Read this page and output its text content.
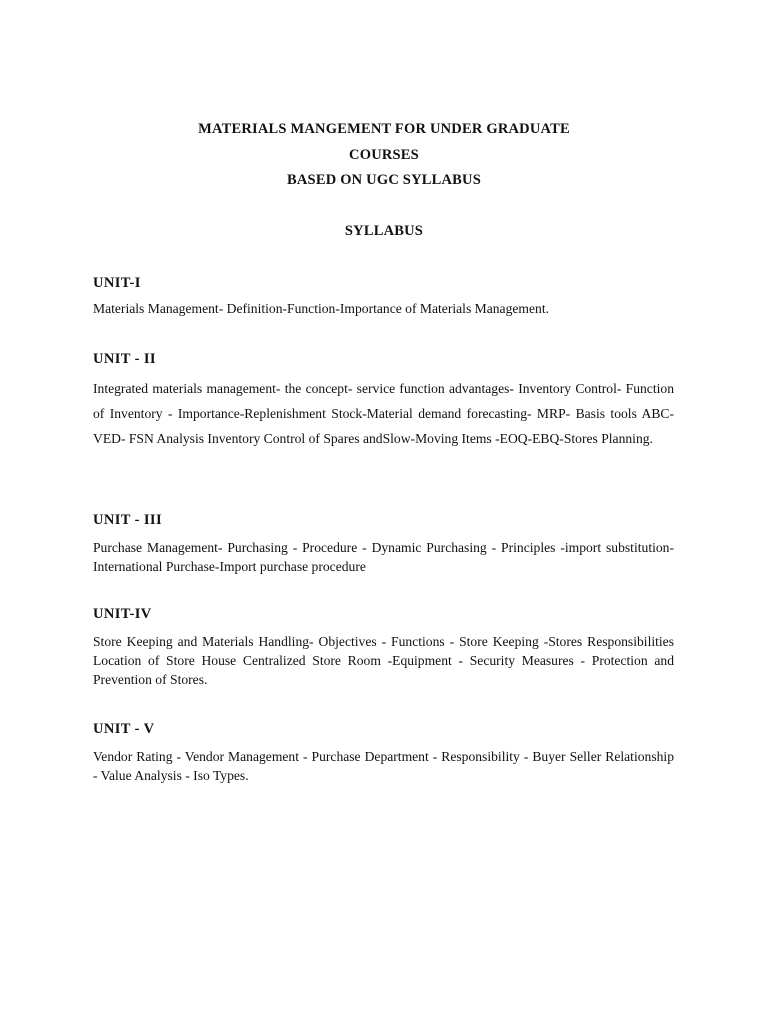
MATERIALS MANGEMENT FOR UNDER GRADUATE
COURSES
BASED ON UGC SYLLABUS
SYLLABUS
UNIT-I
Materials Management- Definition-Function-Importance of Materials Management.
UNIT - II
Integrated materials management- the concept- service function advantages- Inventory Control- Function of Inventory - Importance-Replenishment Stock-Material demand forecasting- MRP- Basis tools ABC-VED- FSN Analysis Inventory Control of Spares andSlow-Moving Items -EOQ-EBQ-Stores Planning.
UNIT - III
Purchase Management- Purchasing - Procedure - Dynamic Purchasing - Principles -import substitution- International Purchase-Import purchase procedure
UNIT-IV
Store Keeping and Materials Handling- Objectives - Functions - Store Keeping -Stores Responsibilities Location of Store House Centralized Store Room -Equipment - Security Measures - Protection and Prevention of Stores.
UNIT - V
Vendor Rating - Vendor Management - Purchase Department - Responsibility - Buyer Seller Relationship - Value Analysis - Iso Types.
